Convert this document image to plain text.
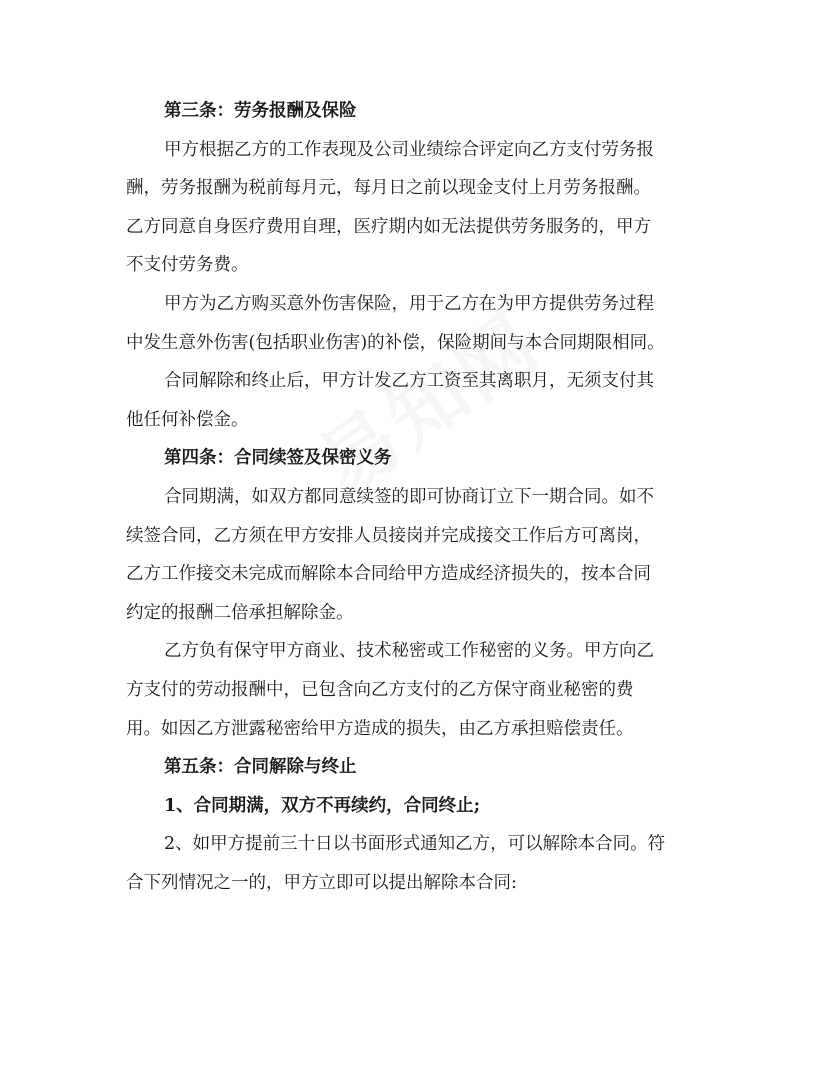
第三条：劳务报酬及保险
甲方根据乙方的工作表现及公司业绩综合评定向乙方支付劳务报
酬，劳务报酬为税前每月元，每月日之前以现金支付上月劳务报酬。
乙方同意自身医疗费用自理，医疗期内如无法提供劳务服务的，甲方
不支付劳务费。
甲方为乙方购买意外伤害保险，用于乙方在为甲方提供劳务过程
中发生意外伤害(包括职业伤害)的补偿，保险期间与本合同期限相同。
合同解除和终止后，甲方计发乙方工资至其离职月，无须支付其
他任何补偿金。
第四条：合同续签及保密义务
合同期满，如双方都同意续签的即可协商订立下一期合同。如不
续签合同，乙方须在甲方安排人员接岗并完成接交工作后方可离岗，
乙方工作接交未完成而解除本合同给甲方造成经济损失的，按本合同
约定的报酬二倍承担解除金。
乙方负有保守甲方商业、技术秘密或工作秘密的义务。甲方向乙
方支付的劳动报酬中，已包含向乙方支付的乙方保守商业秘密的费
用。如因乙方泄露秘密给甲方造成的损失，由乙方承担赔偿责任。
第五条：合同解除与终止
1、合同期满，双方不再续约，合同终止;
2、如甲方提前三十日以书面形式通知乙方，可以解除本合同。符
合下列情况之一的，甲方立即可以提出解除本合同:
